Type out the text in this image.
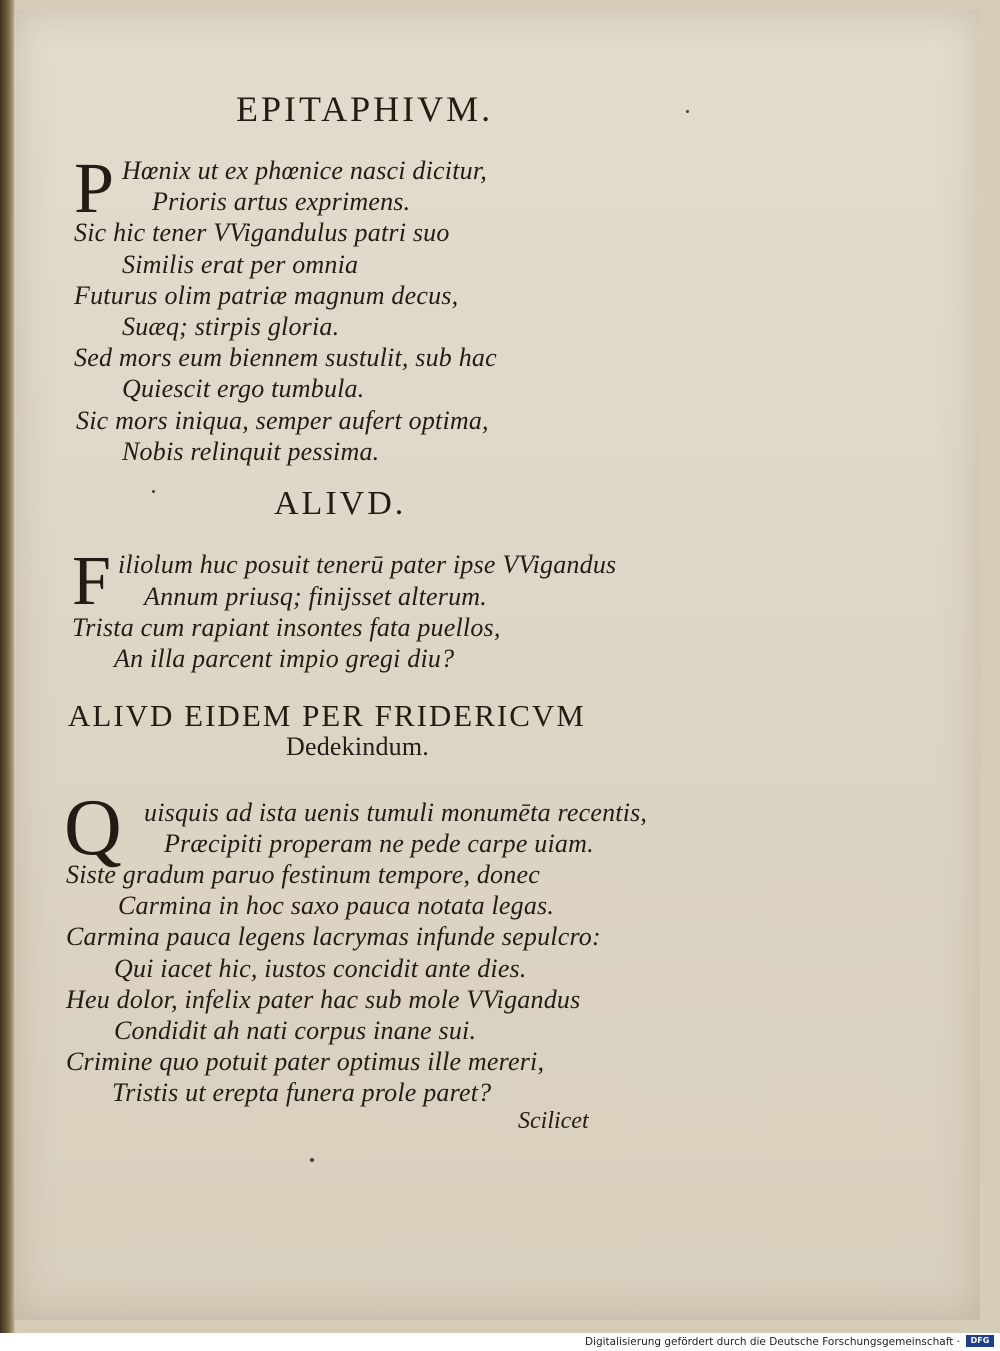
EPITAPHIVM.
P Hœnix ut ex phœnice nasci dicitur,
Prioris artus exprimens.
Sic hic tener VVigandulus patri suo
Similis erat per omnia
Futurus olim patriæ magnum decus,
Suæq; stirpis gloria.
Sed mors eum biennem sustulit, sub hac
Quiescit ergo tumbula.
Sic mors iniqua, semper aufert optima,
Nobis relinquit pessima.
ALIVD.
F iliolum huc posuit tenerū pater ipse VVigandus
Annum priusq; finijsset alterum.
Trista cum rapiant insontes fata puellos,
An illa parcent impio gregi diu?
ALIVD EIDEM PER FRIDERICVM
Dedekindum.
Q uisquis ad ista uenis tumuli monumēta recentis,
Præcipiti properam ne pede carpe uiam.
Siste gradum paruo festinum tempore, donec
Carmina in hoc saxo pauca notata legas.
Carmina pauca legens lacrymas infunde sepulcro:
Qui iacet hic, iustos concidit ante dies.
Heu dolor, infelix pater hac sub mole VVigandus
Condidit ah nati corpus inane sui.
Crimine quo potuit pater optimus ille mereri,
Tristis ut erepta funera prole paret?
Scilicet
Digitalisierung gefördert durch die Deutsche Forschungsgemeinschaft ·	DFG
